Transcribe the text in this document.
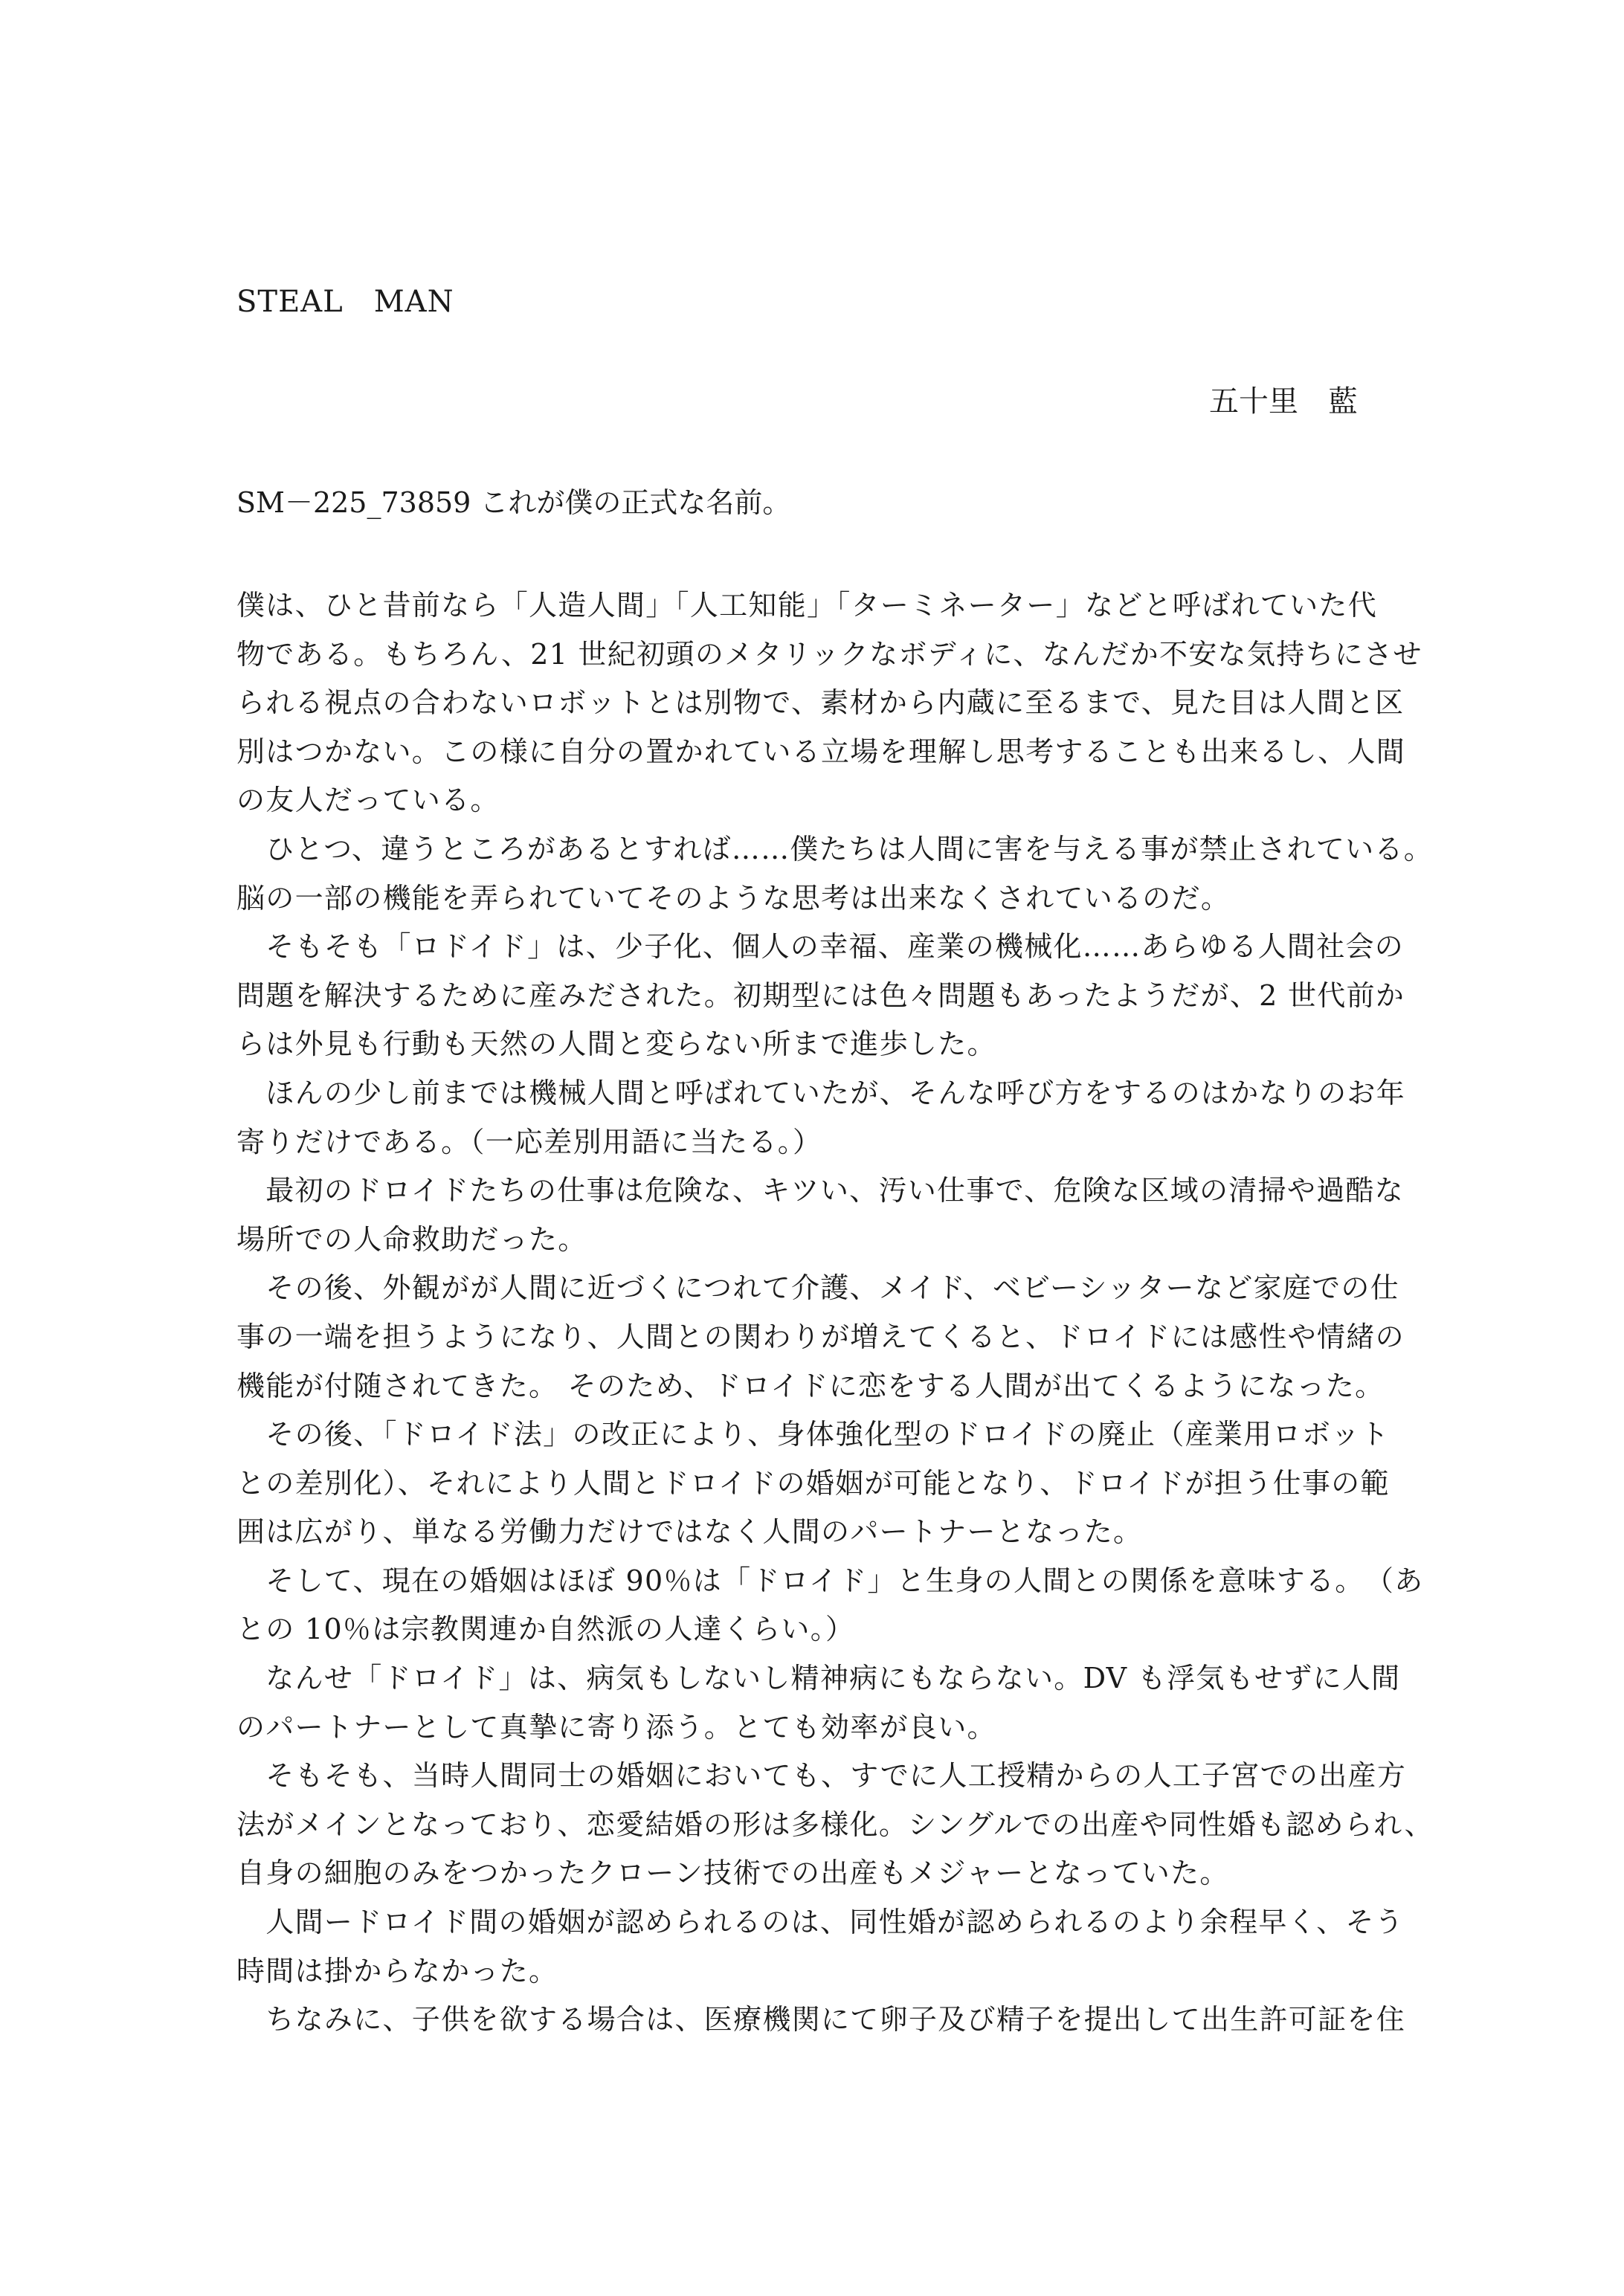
STEAL　MAN
五十里　藍
SM－225_73859 これが僕の正式な名前。
僕は、ひと昔前なら「人造人間」「人工知能」「ターミネーター」などと呼ばれていた代
物である。もちろん、21 世紀初頭のメタリックなボディに、なんだか不安な気持ちにさせ
られる視点の合わないロボットとは別物で、素材から内蔵に至るまで、見た目は人間と区
別はつかない。この様に自分の置かれている立場を理解し思考することも出来るし、人間
の友人だっている。
　ひとつ、違うところがあるとすれば……僕たちは人間に害を与える事が禁止されている。
脳の一部の機能を弄られていてそのような思考は出来なくされているのだ。
　そもそも「ロドイド」は、少子化、個人の幸福、産業の機械化……あらゆる人間社会の
問題を解決するために産みだされた。初期型には色々問題もあったようだが、2 世代前か
らは外見も行動も天然の人間と変らない所まで進歩した。
　ほんの少し前までは機械人間と呼ばれていたが、そんな呼び方をするのはかなりのお年
寄りだけである。（一応差別用語に当たる。）
　最初のドロイドたちの仕事は危険な、キツい、汚い仕事で、危険な区域の清掃や過酷な
場所での人命救助だった。
　その後、外観がが人間に近づくにつれて介護、メイド、ベビーシッターなど家庭での仕
事の一端を担うようになり、人間との関わりが増えてくると、ドロイドには感性や情緒の
機能が付随されてきた。 そのため、ドロイドに恋をする人間が出てくるようになった。
　その後、「ドロイド法」の改正により、身体強化型のドロイドの廃止（産業用ロボット
との差別化）、それにより人間とドロイドの婚姻が可能となり、ドロイドが担う仕事の範
囲は広がり、単なる労働力だけではなく人間のパートナーとなった。
　そして、現在の婚姻はほぼ 90％は「ドロイド」と生身の人間との関係を意味する。　（あ
との 10％は宗教関連か自然派の人達くらい。）
　なんせ「ドロイド」は、病気もしないし精神病にもならない。DV も浮気もせずに人間
のパートナーとして真摯に寄り添う。とても効率が良い。
　そもそも、当時人間同士の婚姻においても、すでに人工授精からの人工子宮での出産方
法がメインとなっており、恋愛結婚の形は多様化。シングルでの出産や同性婚も認められ、
自身の細胞のみをつかったクローン技術での出産もメジャーとなっていた。
　人間ードロイド間の婚姻が認められるのは、同性婚が認められるのより余程早く、そう
時間は掛からなかった。
　ちなみに、子供を欲する場合は、医療機関にて卵子及び精子を提出して出生許可証を住
